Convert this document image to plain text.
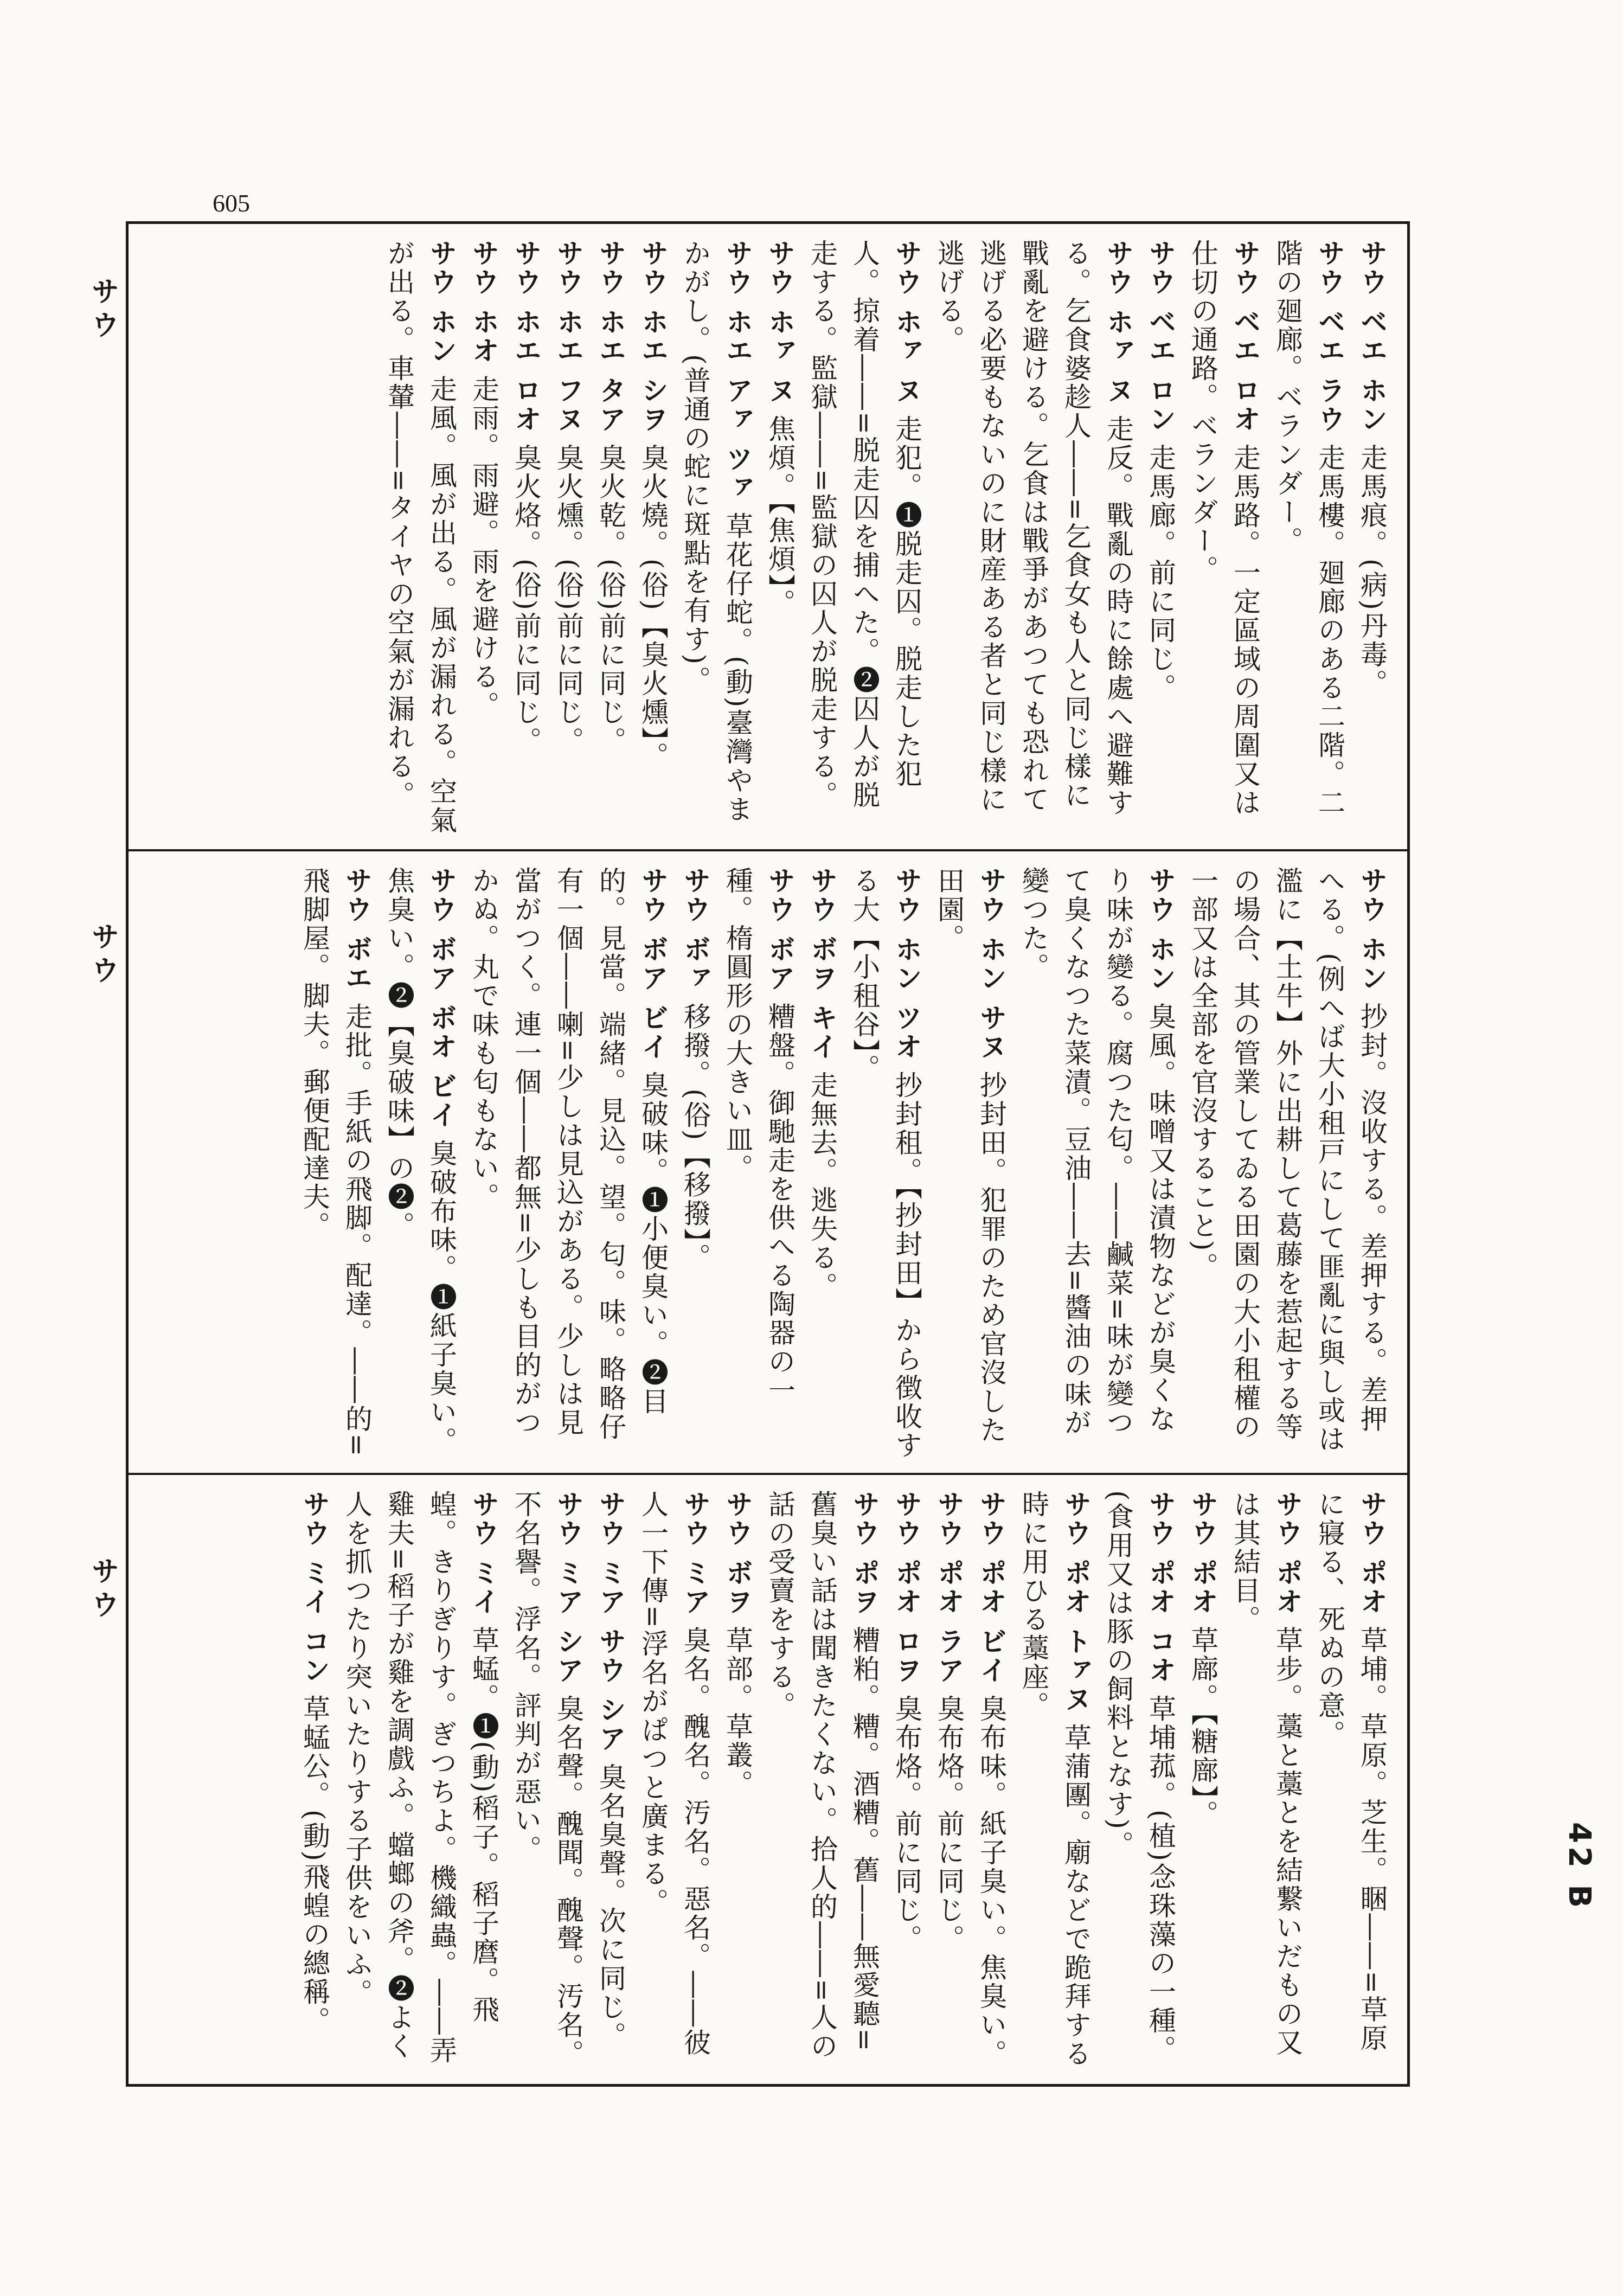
605
サウ
サウ
サウ
42 B

サウ ベエ ホン走馬痕。(病)丹毒。

サウ ベエ ラウ走馬樓。廻廊のある二階。二階の廻廊。ベランダー。

サウ ベエ ロオ走馬路。一定區域の周圍又は仕切の通路。ベランダー。

サウ ベエ ロン走馬廊。前に同じ。

サウ ホァ ヌ走反。戰亂の時に餘處へ避難する。乞食婆趁人――=乞食女も人と同じ樣に戰亂を避ける。乞食は戰爭があつても恐れて逃げる必要もないのに財産ある者と同じ樣に逃げる。

サウ ホァ ヌ走犯。❶脱走囚。脱走した犯人。掠着――=脱走囚を捕へた。❷囚人が脱走する。監獄――=監獄の囚人が脱走する。

サウ ホァ ヌ焦煩。【焦煩】。

サウ ホエ アァ ツァ草花仔蛇。(動)臺灣やまかがし。(普通の蛇に斑點を有す)。

サウ ホエ シヲ臭火燒。(俗)【臭火燻】。

サウ ホエ タア臭火乾。(俗)前に同じ。

サウ ホエ フヌ臭火燻。(俗)前に同じ。

サウ ホエ ロオ臭火烙。(俗)前に同じ。

サウ ホオ走雨。雨避。雨を避ける。

サウ ホン走風。風が出る。風が漏れる。空氣が出る。車輦――=タイヤの空氣が漏れる。

サウ ホン抄封。沒收する。差押する。差押へる。(例へば大小租戸にして匪亂に與し或は濫に【土牛】外に出耕して葛藤を惹起する等の場合、其の管業してゐる田園の大小租權の一部又は全部を官沒すること)。

サウ ホン臭風。味噌又は漬物などが臭くなり味が變る。腐つた匂。――鹹菜=味が變つて臭くなつた菜漬。豆油――去=醬油の味が變つた。

サウ ホン サヌ抄封田。犯罪のため官沒した田園。

サウ ホン ツオ抄封租。【抄封田】から徴收する大【小租谷】。

サウ ボヲ キイ走無去。逃失る。

サウ ボア糟盤。御馳走を供へる陶器の一種。楕圓形の大きい皿。

サウ ボァ移撥。(俗)【移撥】。

サウ ボア ビイ臭破味。❶小便臭い。❷目的。見當。端緒。見込。望。匂。味。略略仔有一個――喇=少しは見込がある。少しは見當がつく。連一個――都無=少しも目的がつかぬ。丸で味も匂もない。

サウ ボア ボオ ビイ臭破布味。❶紙子臭い。焦臭い。❷【臭破味】の❷。

サウ ボエ走批。手紙の飛脚。配達。――的=飛脚屋。脚夫。郵便配達夫。

サウ ポオ草埔。草原。芝生。睏――=草原に寢る、死ぬの意。

サウ ポオ草步。藁と藁とを結繋いだもの又は其結目。

サウ ポオ草廍。【糖廍】。

サウ ポオ コオ草埔菰。(植)念珠藻の一種。(食用又は豚の飼料となす)。

サウ ポオ トァヌ草蒲團。廟などで跪拜する時に用ひる藁座。

サウ ポオ ビイ臭布味。紙子臭い。焦臭い。

サウ ポオ ラア臭布烙。前に同じ。

サウ ポオ ロヲ臭布烙。前に同じ。

サウ ポヲ糟粕。糟。酒糟。舊――無愛聽=舊臭い話は聞きたくない。拾人的――=人の話の受賣をする。

サウ ボヲ草部。草叢。

サウ ミア臭名。醜名。汚名。惡名。――彼人一下傳=浮名がぱつと廣まる。

サウ ミア サウ シア臭名臭聲。次に同じ。

サウ ミア シア臭名聲。醜聞。醜聲。汚名。不名譽。浮名。評判が惡い。

サウ ミイ草蜢。❶(動)稻子。稻子麿。飛蝗。きりぎりす。ぎつちよ。機織蟲。――弄雞夫=稻子が雞を調戲ふ。蟷螂の斧。❷よく人を抓つたり突いたりする子供をいふ。

サウ ミイ コン草蜢公。(動)飛蝗の總稱。
